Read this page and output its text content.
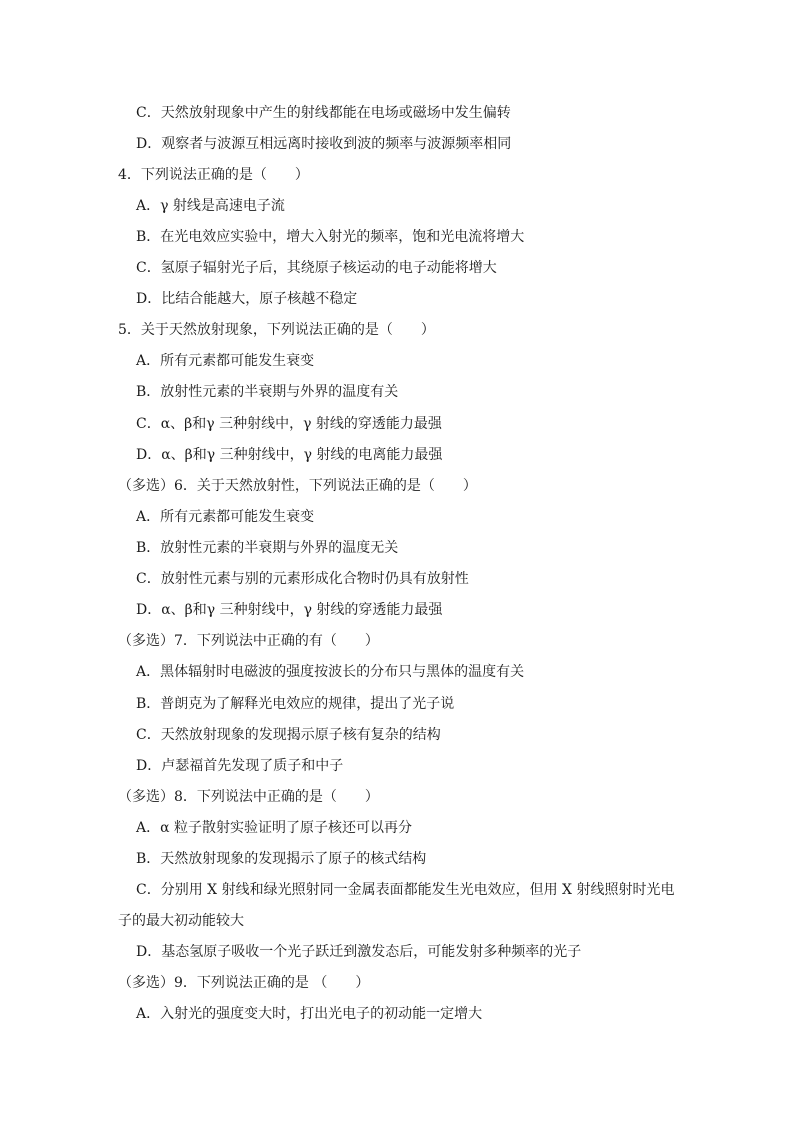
C．天然放射现象中产生的射线都能在电场或磁场中发生偏转
D．观察者与波源互相远离时接收到波的频率与波源频率相同
4．下列说法正确的是（　　）
A．γ 射线是高速电子流
B．在光电效应实验中，增大入射光的频率，饱和光电流将增大
C．氢原子辐射光子后，其绕原子核运动的电子动能将增大
D．比结合能越大，原子核越不稳定
5．关于天然放射现象，下列说法正确的是（　　）
A．所有元素都可能发生衰变
B．放射性元素的半衰期与外界的温度有关
C．α、β和γ 三种射线中，γ 射线的穿透能力最强
D．α、β和γ 三种射线中，γ 射线的电离能力最强
（多选）6．关于天然放射性，下列说法正确的是（　　）
A．所有元素都可能发生衰变
B．放射性元素的半衰期与外界的温度无关
C．放射性元素与别的元素形成化合物时仍具有放射性
D．α、β和γ 三种射线中，γ 射线的穿透能力最强
（多选）7．下列说法中正确的有（　　）
A．黑体辐射时电磁波的强度按波长的分布只与黑体的温度有关
B．普朗克为了解释光电效应的规律，提出了光子说
C．天然放射现象的发现揭示原子核有复杂的结构
D．卢瑟福首先发现了质子和中子
（多选）8．下列说法中正确的是（　　）
A．α 粒子散射实验证明了原子核还可以再分
B．天然放射现象的发现揭示了原子的核式结构
C．分别用 X 射线和绿光照射同一金属表面都能发生光电效应，但用 X 射线照射时光电
子的最大初动能较大
D．基态氢原子吸收一个光子跃迁到激发态后，可能发射多种频率的光子
（多选）9．下列说法正确的是 （　　）
A．入射光的强度变大时，打出光电子的初动能一定增大
